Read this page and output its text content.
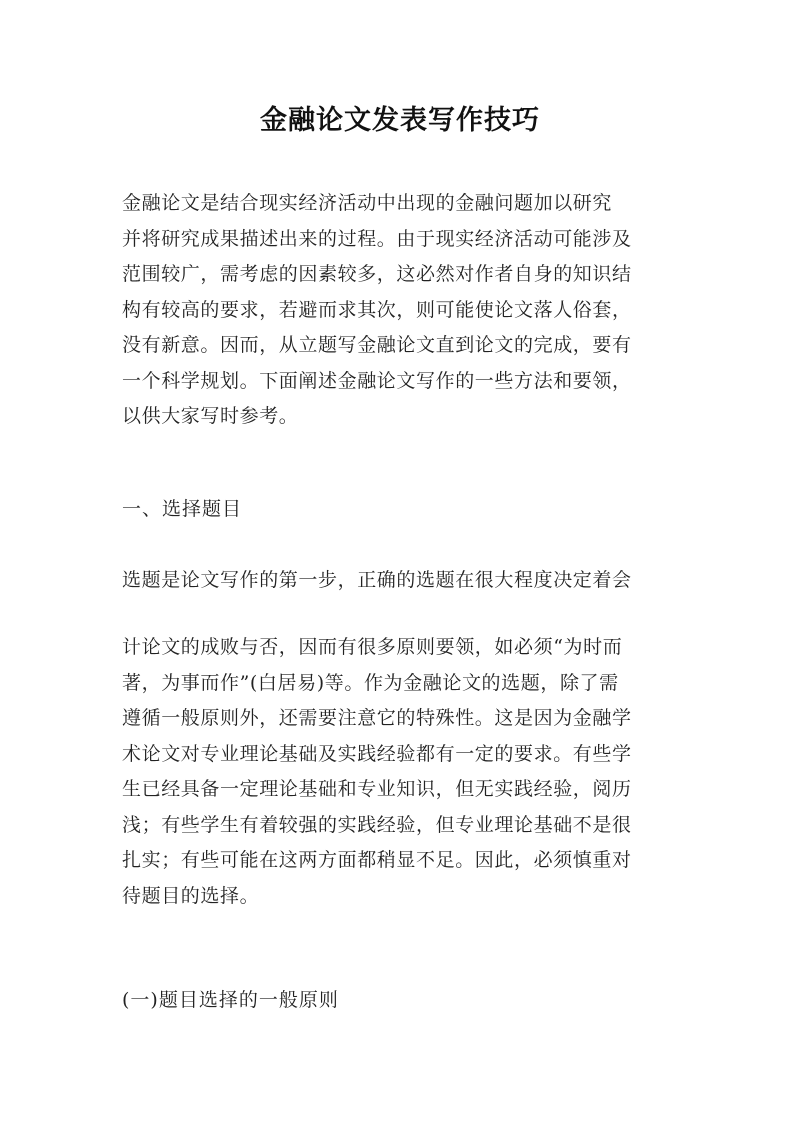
金融论文发表写作技巧
金融论文是结合现实经济活动中出现的金融问题加以研究
并将研究成果描述出来的过程。由于现实经济活动可能涉及
范围较广，需考虑的因素较多，这必然对作者自身的知识结
构有较高的要求，若避而求其次，则可能使论文落人俗套，
没有新意。因而，从立题写金融论文直到论文的完成，要有
一个科学规划。下面阐述金融论文写作的一些方法和要领，
以供大家写时参考。
一、选择题目
选题是论文写作的第一步，正确的选题在很大程度决定着会
计论文的成败与否，因而有很多原则要领，如必须“为时而
著，为事而作”(白居易)等。作为金融论文的选题，除了需
遵循一般原则外，还需要注意它的特殊性。这是因为金融学
术论文对专业理论基础及实践经验都有一定的要求。有些学
生已经具备一定理论基础和专业知识，但无实践经验，阅历
浅；有些学生有着较强的实践经验，但专业理论基础不是很
扎实；有些可能在这两方面都稍显不足。因此，必须慎重对
待题目的选择。
(一)题目选择的一般原则
